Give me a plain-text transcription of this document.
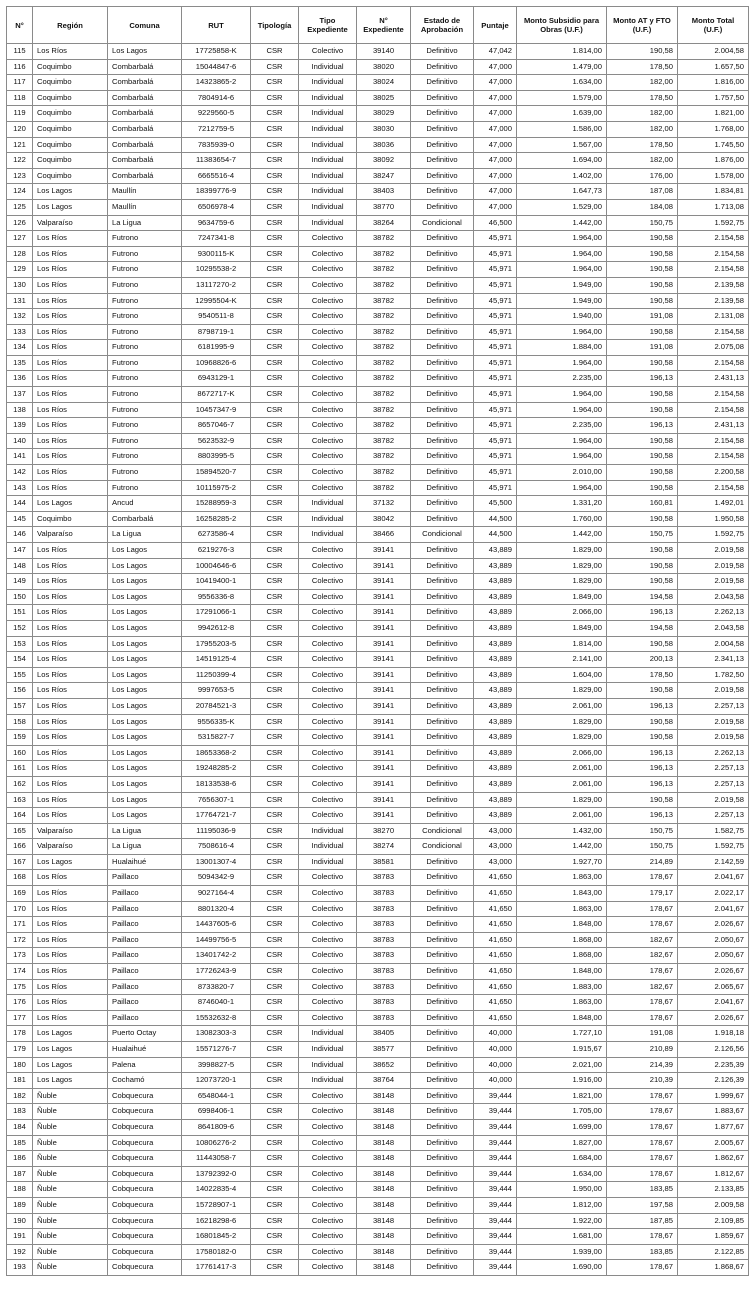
N°	Región	Comuna	RUT	Tipología	Tipo Expediente	N° Expediente	Estado de Aprobación	Puntaje	Monto Subsidio para Obras (U.F.)	Monto AT y FTO (U.F.)	Monto Total (U.F.)
115	Los Ríos	Los Lagos	17725858-K	CSR	Colectivo	39140	Definitivo	47,042	1.814,00	190,58	2.004,58
116	Coquimbo	Combarbalá	15044847-6	CSR	Individual	38020	Definitivo	47,000	1.479,00	178,50	1.657,50
117	Coquimbo	Combarbalá	14323865-2	CSR	Individual	38024	Definitivo	47,000	1.634,00	182,00	1.816,00
118	Coquimbo	Combarbalá	7804914-6	CSR	Individual	38025	Definitivo	47,000	1.579,00	178,50	1.757,50
119	Coquimbo	Combarbalá	9229560-5	CSR	Individual	38029	Definitivo	47,000	1.639,00	182,00	1.821,00
120	Coquimbo	Combarbalá	7212759-5	CSR	Individual	38030	Definitivo	47,000	1.586,00	182,00	1.768,00
121	Coquimbo	Combarbalá	7835939-0	CSR	Individual	38036	Definitivo	47,000	1.567,00	178,50	1.745,50
122	Coquimbo	Combarbalá	11383654-7	CSR	Individual	38092	Definitivo	47,000	1.694,00	182,00	1.876,00
123	Coquimbo	Combarbalá	6665516-4	CSR	Individual	38247	Definitivo	47,000	1.402,00	176,00	1.578,00
124	Los Lagos	Maullín	18399776-9	CSR	Individual	38403	Definitivo	47,000	1.647,73	187,08	1.834,81
125	Los Lagos	Maullín	6506978-4	CSR	Individual	38770	Definitivo	47,000	1.529,00	184,08	1.713,08
126	Valparaíso	La Ligua	9634759-6	CSR	Individual	38264	Condicional	46,500	1.442,00	150,75	1.592,75
127	Los Ríos	Futrono	7247341-8	CSR	Colectivo	38782	Definitivo	45,971	1.964,00	190,58	2.154,58
128	Los Ríos	Futrono	9300115-K	CSR	Colectivo	38782	Definitivo	45,971	1.964,00	190,58	2.154,58
129	Los Ríos	Futrono	10295538-2	CSR	Colectivo	38782	Definitivo	45,971	1.964,00	190,58	2.154,58
130	Los Ríos	Futrono	13117270-2	CSR	Colectivo	38782	Definitivo	45,971	1.949,00	190,58	2.139,58
131	Los Ríos	Futrono	12995504-K	CSR	Colectivo	38782	Definitivo	45,971	1.949,00	190,58	2.139,58
132	Los Ríos	Futrono	9540511-8	CSR	Colectivo	38782	Definitivo	45,971	1.940,00	191,08	2.131,08
133	Los Ríos	Futrono	8798719-1	CSR	Colectivo	38782	Definitivo	45,971	1.964,00	190,58	2.154,58
134	Los Ríos	Futrono	6181995-9	CSR	Colectivo	38782	Definitivo	45,971	1.884,00	191,08	2.075,08
135	Los Ríos	Futrono	10968826-6	CSR	Colectivo	38782	Definitivo	45,971	1.964,00	190,58	2.154,58
136	Los Ríos	Futrono	6943129-1	CSR	Colectivo	38782	Definitivo	45,971	2.235,00	196,13	2.431,13
137	Los Ríos	Futrono	8672717-K	CSR	Colectivo	38782	Definitivo	45,971	1.964,00	190,58	2.154,58
138	Los Ríos	Futrono	10457347-9	CSR	Colectivo	38782	Definitivo	45,971	1.964,00	190,58	2.154,58
139	Los Ríos	Futrono	8657046-7	CSR	Colectivo	38782	Definitivo	45,971	2.235,00	196,13	2.431,13
140	Los Ríos	Futrono	5623532-9	CSR	Colectivo	38782	Definitivo	45,971	1.964,00	190,58	2.154,58
141	Los Ríos	Futrono	8803995-5	CSR	Colectivo	38782	Definitivo	45,971	1.964,00	190,58	2.154,58
142	Los Ríos	Futrono	15894520-7	CSR	Colectivo	38782	Definitivo	45,971	2.010,00	190,58	2.200,58
143	Los Ríos	Futrono	10115975-2	CSR	Colectivo	38782	Definitivo	45,971	1.964,00	190,58	2.154,58
144	Los Lagos	Ancud	15288959-3	CSR	Individual	37132	Definitivo	45,500	1.331,20	160,81	1.492,01
145	Coquimbo	Combarbalá	16258285-2	CSR	Individual	38042	Definitivo	44,500	1.760,00	190,58	1.950,58
146	Valparaíso	La Ligua	6273586-4	CSR	Individual	38466	Condicional	44,500	1.442,00	150,75	1.592,75
147	Los Ríos	Los Lagos	6219276-3	CSR	Colectivo	39141	Definitivo	43,889	1.829,00	190,58	2.019,58
148	Los Ríos	Los Lagos	10004646-6	CSR	Colectivo	39141	Definitivo	43,889	1.829,00	190,58	2.019,58
149	Los Ríos	Los Lagos	10419400-1	CSR	Colectivo	39141	Definitivo	43,889	1.829,00	190,58	2.019,58
150	Los Ríos	Los Lagos	9556336-8	CSR	Colectivo	39141	Definitivo	43,889	1.849,00	194,58	2.043,58
151	Los Ríos	Los Lagos	17291066-1	CSR	Colectivo	39141	Definitivo	43,889	2.066,00	196,13	2.262,13
152	Los Ríos	Los Lagos	9942612-8	CSR	Colectivo	39141	Definitivo	43,889	1.849,00	194,58	2.043,58
153	Los Ríos	Los Lagos	17955203-5	CSR	Colectivo	39141	Definitivo	43,889	1.814,00	190,58	2.004,58
154	Los Ríos	Los Lagos	14519125-4	CSR	Colectivo	39141	Definitivo	43,889	2.141,00	200,13	2.341,13
155	Los Ríos	Los Lagos	11250399-4	CSR	Colectivo	39141	Definitivo	43,889	1.604,00	178,50	1.782,50
156	Los Ríos	Los Lagos	9997653-5	CSR	Colectivo	39141	Definitivo	43,889	1.829,00	190,58	2.019,58
157	Los Ríos	Los Lagos	20784521-3	CSR	Colectivo	39141	Definitivo	43,889	2.061,00	196,13	2.257,13
158	Los Ríos	Los Lagos	9556335-K	CSR	Colectivo	39141	Definitivo	43,889	1.829,00	190,58	2.019,58
159	Los Ríos	Los Lagos	5315827-7	CSR	Colectivo	39141	Definitivo	43,889	1.829,00	190,58	2.019,58
160	Los Ríos	Los Lagos	18653368-2	CSR	Colectivo	39141	Definitivo	43,889	2.066,00	196,13	2.262,13
161	Los Ríos	Los Lagos	19248285-2	CSR	Colectivo	39141	Definitivo	43,889	2.061,00	196,13	2.257,13
162	Los Ríos	Los Lagos	18133538-6	CSR	Colectivo	39141	Definitivo	43,889	2.061,00	196,13	2.257,13
163	Los Ríos	Los Lagos	7656307-1	CSR	Colectivo	39141	Definitivo	43,889	1.829,00	190,58	2.019,58
164	Los Ríos	Los Lagos	17764721-7	CSR	Colectivo	39141	Definitivo	43,889	2.061,00	196,13	2.257,13
165	Valparaíso	La Ligua	11195036-9	CSR	Individual	38270	Condicional	43,000	1.432,00	150,75	1.582,75
166	Valparaíso	La Ligua	7508616-4	CSR	Individual	38274	Condicional	43,000	1.442,00	150,75	1.592,75
167	Los Lagos	Hualaihué	13001307-4	CSR	Individual	38581	Definitivo	43,000	1.927,70	214,89	2.142,59
168	Los Ríos	Paillaco	5094342-9	CSR	Colectivo	38783	Definitivo	41,650	1.863,00	178,67	2.041,67
169	Los Ríos	Paillaco	9027164-4	CSR	Colectivo	38783	Definitivo	41,650	1.843,00	179,17	2.022,17
170	Los Ríos	Paillaco	8801320-4	CSR	Colectivo	38783	Definitivo	41,650	1.863,00	178,67	2.041,67
171	Los Ríos	Paillaco	14437605-6	CSR	Colectivo	38783	Definitivo	41,650	1.848,00	178,67	2.026,67
172	Los Ríos	Paillaco	14499756-5	CSR	Colectivo	38783	Definitivo	41,650	1.868,00	182,67	2.050,67
173	Los Ríos	Paillaco	13401742-2	CSR	Colectivo	38783	Definitivo	41,650	1.868,00	182,67	2.050,67
174	Los Ríos	Paillaco	17726243-9	CSR	Colectivo	38783	Definitivo	41,650	1.848,00	178,67	2.026,67
175	Los Ríos	Paillaco	8733820-7	CSR	Colectivo	38783	Definitivo	41,650	1.883,00	182,67	2.065,67
176	Los Ríos	Paillaco	8746040-1	CSR	Colectivo	38783	Definitivo	41,650	1.863,00	178,67	2.041,67
177	Los Ríos	Paillaco	15532632-8	CSR	Colectivo	38783	Definitivo	41,650	1.848,00	178,67	2.026,67
178	Los Lagos	Puerto Octay	13082303-3	CSR	Individual	38405	Definitivo	40,000	1.727,10	191,08	1.918,18
179	Los Lagos	Hualaihué	15571276-7	CSR	Individual	38577	Definitivo	40,000	1.915,67	210,89	2.126,56
180	Los Lagos	Palena	3998827-5	CSR	Individual	38652	Definitivo	40,000	2.021,00	214,39	2.235,39
181	Los Lagos	Cochamó	12073720-1	CSR	Individual	38764	Definitivo	40,000	1.916,00	210,39	2.126,39
182	Ñuble	Cobquecura	6548044-1	CSR	Colectivo	38148	Definitivo	39,444	1.821,00	178,67	1.999,67
183	Ñuble	Cobquecura	6998406-1	CSR	Colectivo	38148	Definitivo	39,444	1.705,00	178,67	1.883,67
184	Ñuble	Cobquecura	8641809-6	CSR	Colectivo	38148	Definitivo	39,444	1.699,00	178,67	1.877,67
185	Ñuble	Cobquecura	10806276-2	CSR	Colectivo	38148	Definitivo	39,444	1.827,00	178,67	2.005,67
186	Ñuble	Cobquecura	11443058-7	CSR	Colectivo	38148	Definitivo	39,444	1.684,00	178,67	1.862,67
187	Ñuble	Cobquecura	13792392-0	CSR	Colectivo	38148	Definitivo	39,444	1.634,00	178,67	1.812,67
188	Ñuble	Cobquecura	14022835-4	CSR	Colectivo	38148	Definitivo	39,444	1.950,00	183,85	2.133,85
189	Ñuble	Cobquecura	15728907-1	CSR	Colectivo	38148	Definitivo	39,444	1.812,00	197,58	2.009,58
190	Ñuble	Cobquecura	16218298-6	CSR	Colectivo	38148	Definitivo	39,444	1.922,00	187,85	2.109,85
191	Ñuble	Cobquecura	16801845-2	CSR	Colectivo	38148	Definitivo	39,444	1.681,00	178,67	1.859,67
192	Ñuble	Cobquecura	17580182-0	CSR	Colectivo	38148	Definitivo	39,444	1.939,00	183,85	2.122,85
193	Ñuble	Cobquecura	17761417-3	CSR	Colectivo	38148	Definitivo	39,444	1.690,00	178,67	1.868,67
